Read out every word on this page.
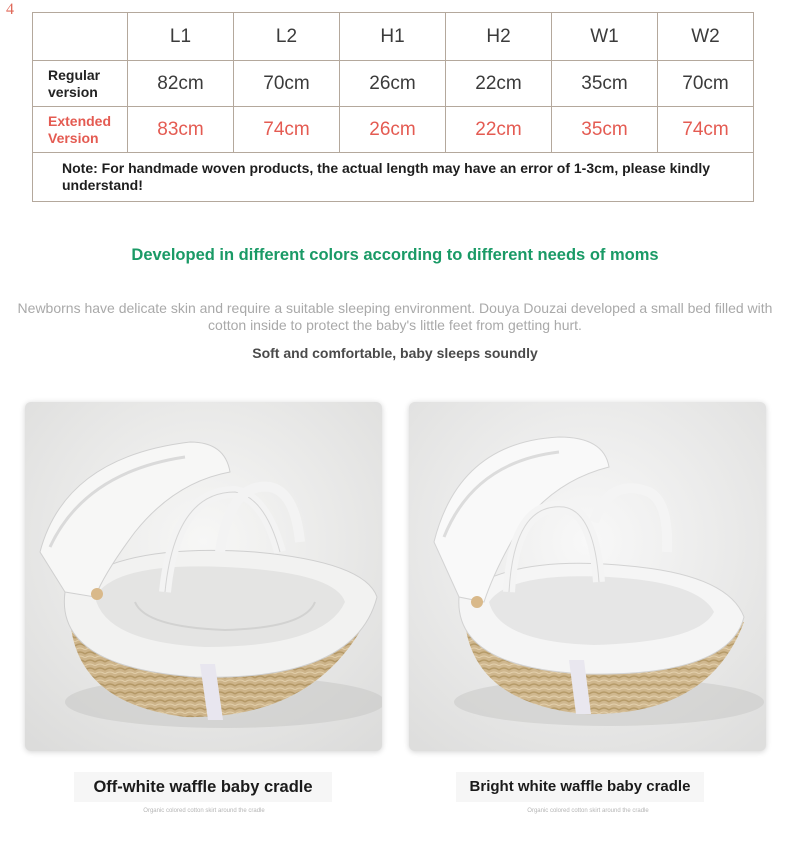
4
	L1	L2	H1	H2	W1	W2
Regular
version	82cm	70cm	26cm	22cm	35cm	70cm
Extended
Version	83cm	74cm	26cm	22cm	35cm	74cm
Note: For handmade woven products, the actual length may have an error of 1-3cm, please kindly understand!						
Developed in different colors according to different needs of moms
Newborns have delicate skin and require a suitable sleeping environment. Douya Douzai developed a small bed filled with cotton inside to protect the baby's little feet from getting hurt.
Soft and comfortable, baby sleeps soundly
Off-white waffle baby cradle	Bright white waffle baby cradle
Organic colored cotton skirt around the cradle	Organic colored cotton skirt around the cradle
